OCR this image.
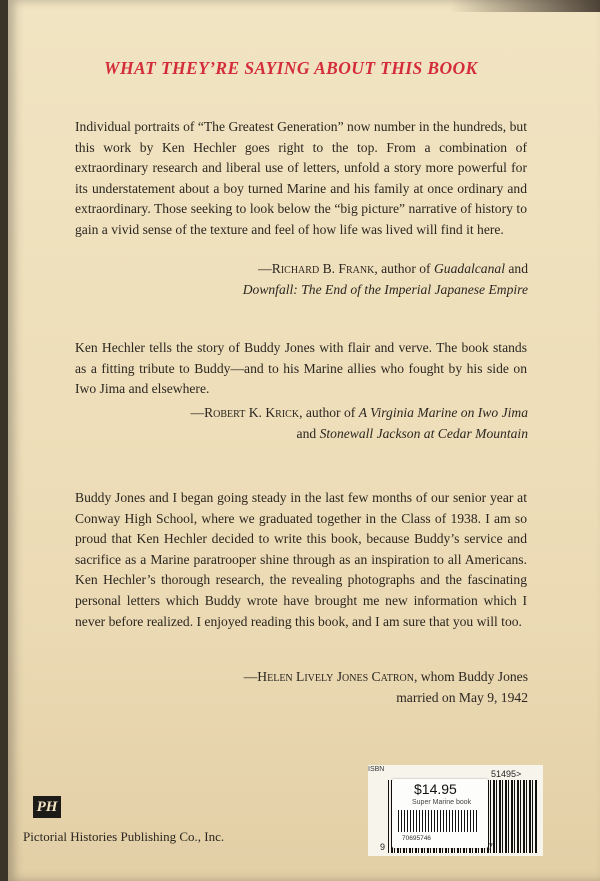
WHAT THEY’RE SAYING ABOUT THIS BOOK

Individual portraits of “The Greatest Generation” now number in the hundreds, but this work by Ken Hechler goes right to the top. From a combination of extraordinary research and liberal use of letters, unfold a story more powerful for its understatement about a boy turned Marine and his family at once ordinary and extraordinary. Those seeking to look below the “big picture” narrative of history to gain a vivid sense of the texture and feel of how life was lived will find it here.

—Richard B. Frank, author of Guadalcanal and
Downfall: The End of the Imperial Japanese Empire

Ken Hechler tells the story of Buddy Jones with flair and verve. The book stands as a fitting tribute to Buddy—and to his Marine allies who fought by his side on Iwo Jima and elsewhere.

—Robert K. Krick, author of A Virginia Marine on Iwo Jima
and Stonewall Jackson at Cedar Mountain

Buddy Jones and I began going steady in the last few months of our senior year at Conway High School, where we graduated together in the Class of 1938. I am so proud that Ken Hechler decided to write this book, because Buddy’s service and sacrifice as a Marine paratrooper shine through as an inspiration to all Americans. Ken Hechler’s thorough research, the revealing photographs and the fascinating personal letters which Buddy wrote have brought me new information which I never before realized. I enjoyed reading this book, and I am sure that you will too.

—Helen Lively Jones Catron, whom Buddy Jones
married on May 9, 1942

PH
Pictorial Histories Publishing Co., Inc.
ISBN	51495>
9	7
$14.95
Super Marine book
70695746
